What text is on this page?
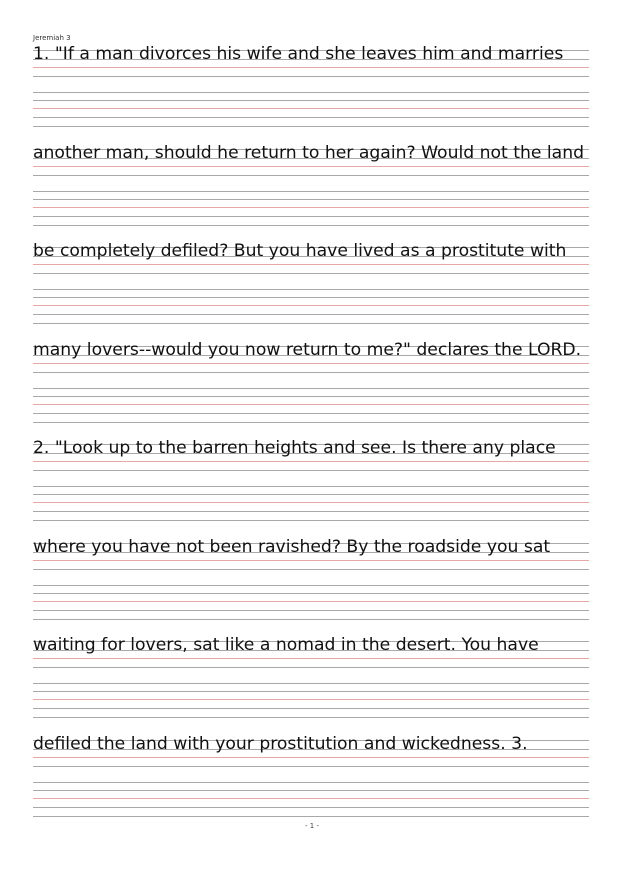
Jeremiah 3
1. "If a man divorces his wife and she leaves him and marries
another man, should he return to her again? Would not the land
be completely defiled? But you have lived as a prostitute with
many lovers--would you now return to me?" declares the LORD.
2. "Look up to the barren heights and see. Is there any place
where you have not been ravished? By the roadside you sat
waiting for lovers, sat like a nomad in the desert. You have
defiled the land with your prostitution and wickedness. 3.
- 1 -
